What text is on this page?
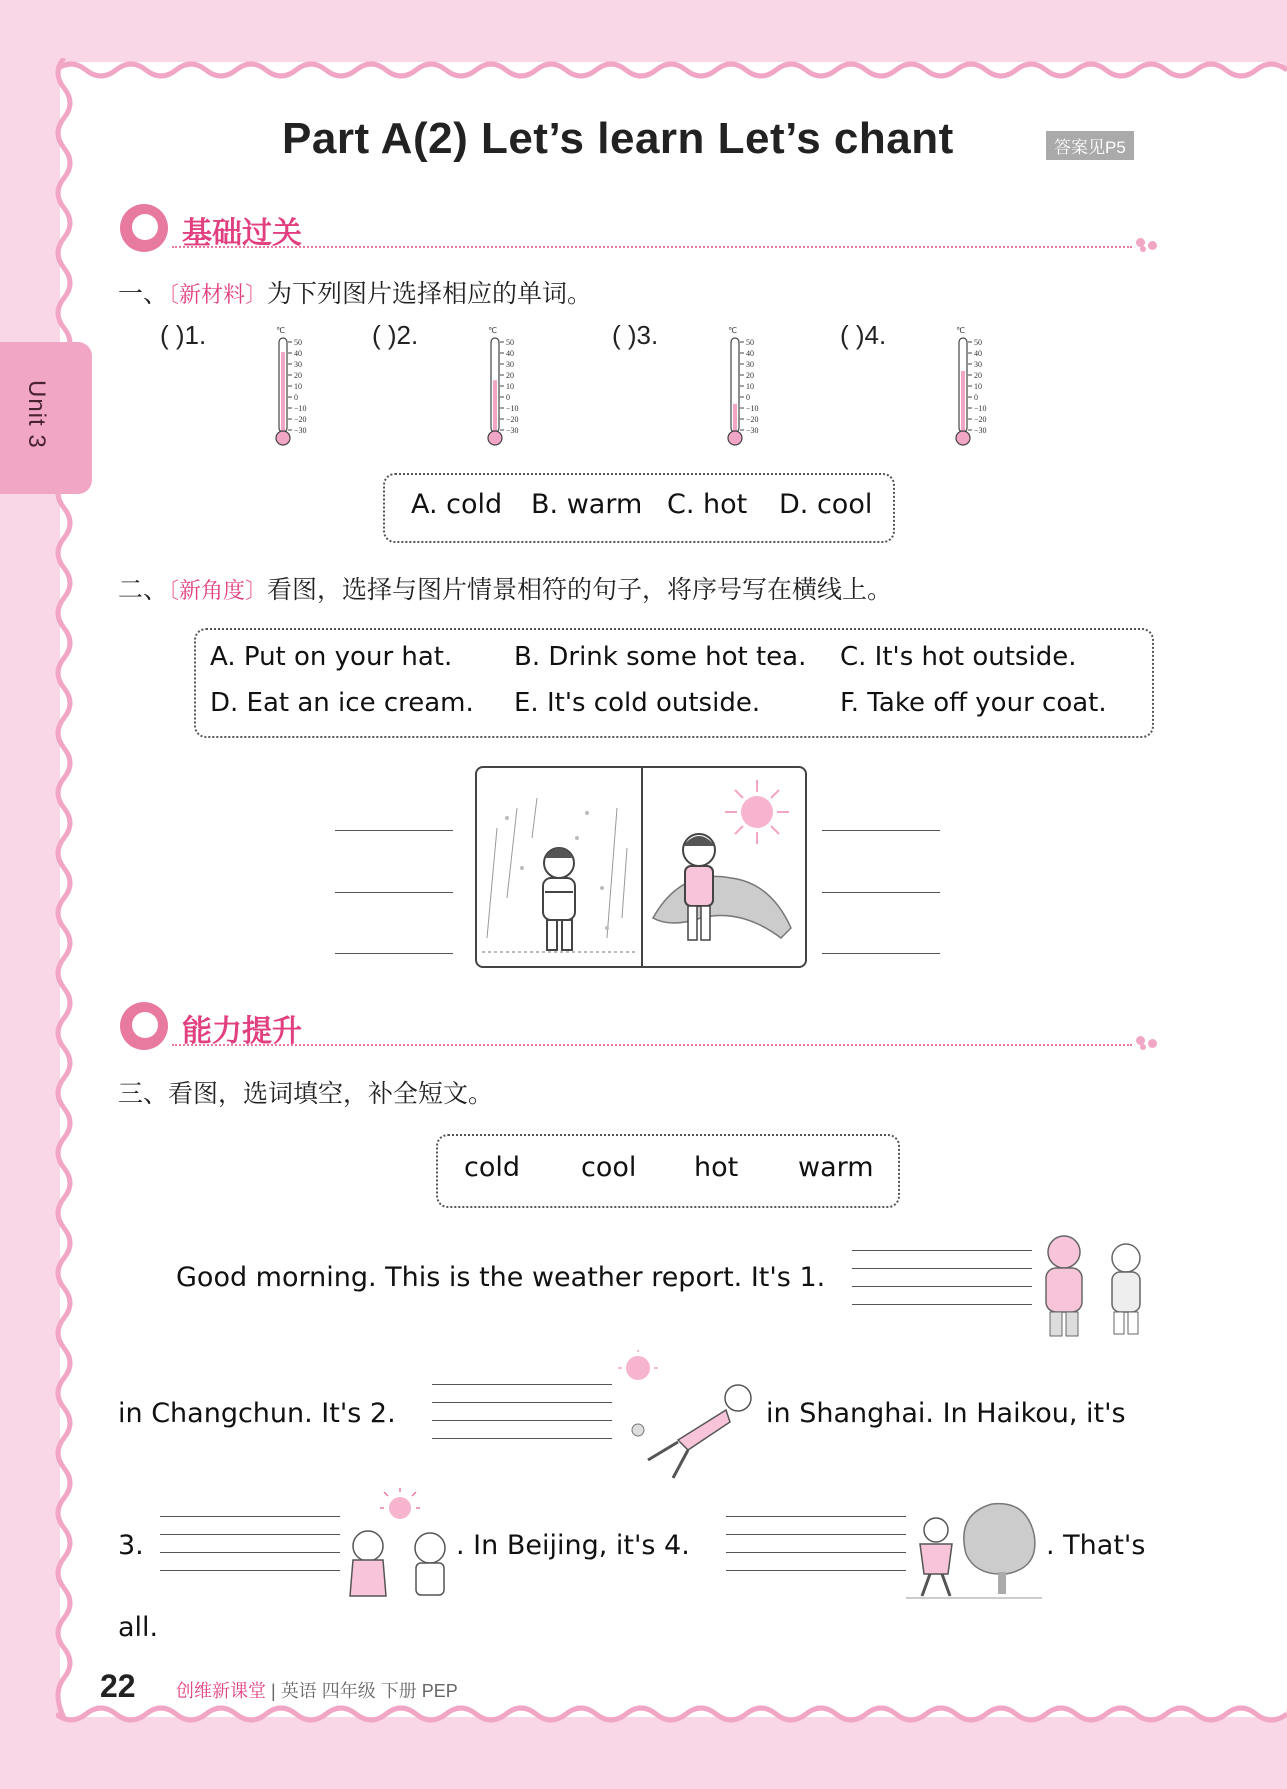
Unit 3
Part A(2) Let’s learn Let’s chant	答案见P5
基础过关
一、〔新材料〕为下列图片选择相应的单词。
( )1.	℃
50
40
30
20
10
0
−10
−20
−30
( )2.	℃
50
40
30
20
10
0
−10
−20
−30
( )3.	℃
50
40
30
20
10
0
−10
−20
−30
( )4.	℃
50
40
30
20
10
0
−10
−20
−30
A. cold B. warm C. hot D. cool
二、〔新角度〕看图，选择与图片情景相符的句子，将序号写在横线上。
A. Put on your hat. B. Drink some hot tea. C. It's hot outside.
D. Eat an ice cream. E. It's cold outside.	F. Take off your coat.
能力提升
三、看图，选词填空，补全短文。
cold cool hot warm
Good morning. This is the weather report. It's 1.
in Changchun. It's 2.	in Shanghai. In Haikou, it's
3.	. In Beijing, it's 4.	. That's
all.
22 创维新课堂 | 英语 四年级 下册 PEP
